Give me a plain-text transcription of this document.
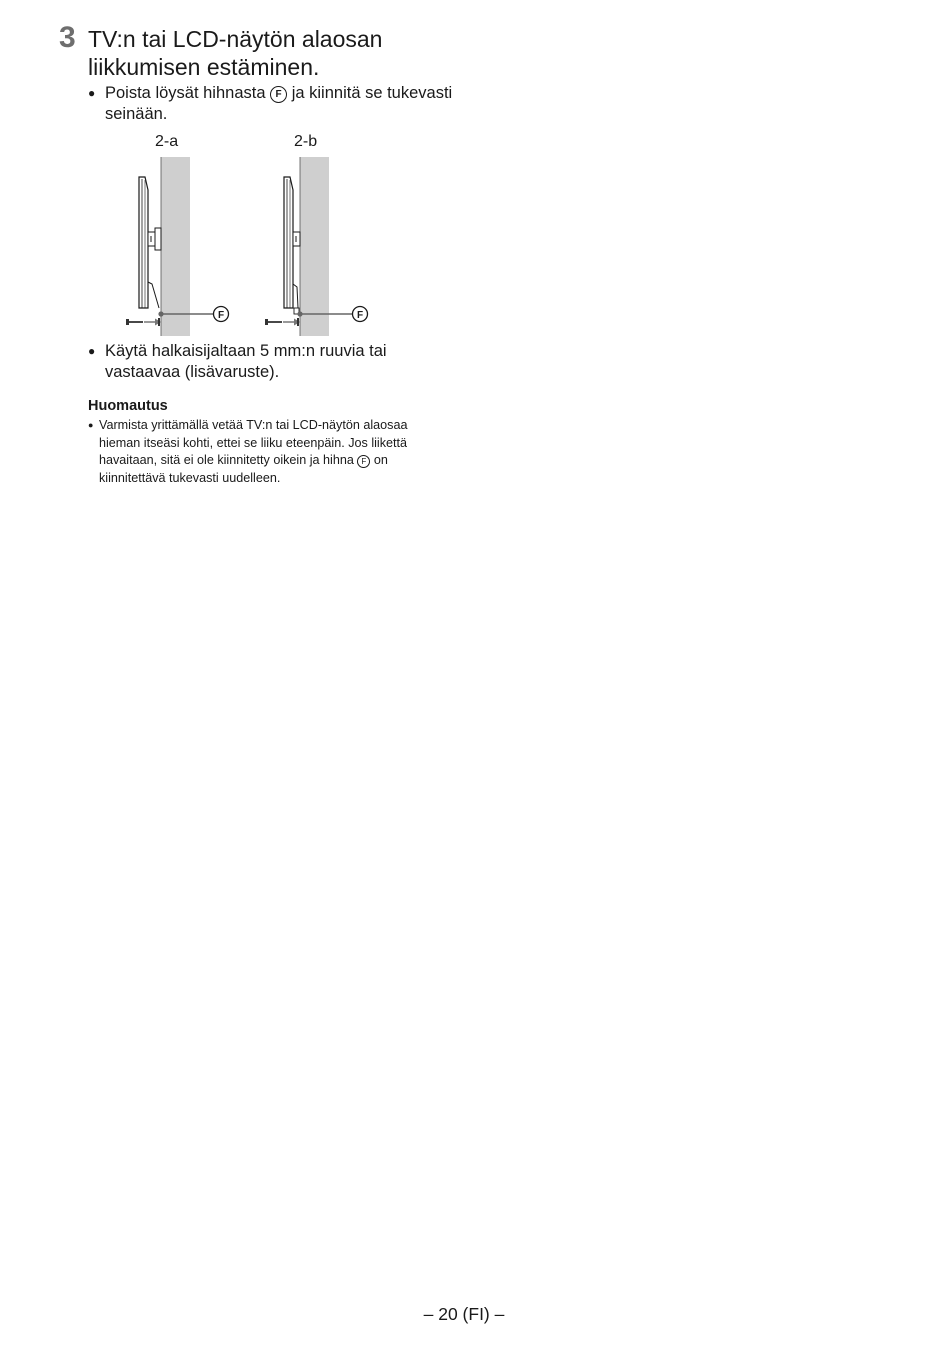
3 TV:n tai LCD-näytön alaosan liikkumisen estäminen.
● Poista löysät hihnasta F ja kiinnitä se tukevasti seinään.
2-a	2-b
F	F
● Käytä halkaisijaltaan 5 mm:n ruuvia tai vastaavaa (lisävaruste).
Huomautus
● Varmista yrittämällä vetää TV:n tai LCD-näytön alaosaa hieman itseäsi kohti, ettei se liiku eteenpäin. Jos liikettä havaitaan, sitä ei ole kiinnitetty oikein ja hihna F on kiinnitettävä tukevasti uudelleen.
– 20 (FI) –
